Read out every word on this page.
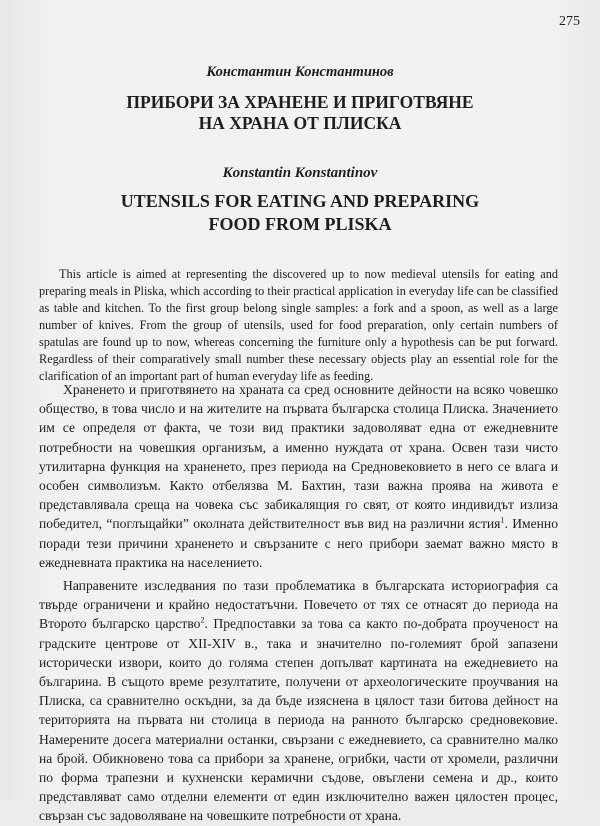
275
Константин Константинов
ПРИБОРИ ЗА ХРАНЕНЕ И ПРИГОТВЯНЕ
НА ХРАНА ОТ ПЛИСКА
Konstantin Konstantinov
UTENSILS FOR EATING AND PREPARING
FOOD FROM PLISKA

This article is aimed at representing the discovered up to now medieval utensils for eating and preparing meals in Pliska, which according to their practical application in everyday life can be classified as table and kitchen. To the first group belong single samples: a fork and a spoon, as well as a large number of knives. From the group of utensils, used for food preparation, only certain numbers of spatulas are found up to now, whereas concerning the furniture only a hypothesis can be put forward. Regardless of their comparatively small number these necessary objects play an essential role for the clarification of an important part of human everyday life as feeding.

Храненето и приготвянето на храната са сред основните дейности на всяко човешко общество, в това число и на жителите на първата българска столица Плиска. Значението им се определя от факта, че този вид практики задоволяват една от ежедневните потребности на човешкия организъм, а именно нуждата от храна. Освен тази чисто утилитарна функция на храненето, през периода на Средновековието в него се влага и особен символизъм. Както отбелязва М. Бахтин, тази важна проява на живота е представлявала среща на човека със забикалящия го свят, от която индивидът излиза победител, “поглъщайки” околната действителност във вид на различни ястия$^1$. Именно поради тези причини храненето и свързаните с него прибори заемат важно място в ежедневната практика на населението.

Направените изследвания по тази проблематика в българската историография са твърде ограничени и крайно недостатъчни. Повечето от тях се отнасят до периода на Второто българско царство$^2$. Предпоставки за това са както по-добрата проученост на градските центрове от XII-XIV в., така и значително по-големият брой запазени исторически извори, които до голяма степен допълват картината на ежедневието на българина. В същото време резултатите, получени от археологическите проучвания на Плиска, са сравнително оскъдни, за да бъде изяснена в цялост тази битова дейност на територията на първата ни столица в периода на ранното българско средновековие. Намерените досега материални останки, свързани с ежедневието, са сравнително малко на брой. Обикновено това са прибори за хранене, огрибки, части от хромели, различни по форма трапезни и кухненски керамични съдове, овъглени семена и др., които представляват само отделни елементи от един изключително важен цялостен процес, свързан със задоволяване на човешките потребности от храна.
